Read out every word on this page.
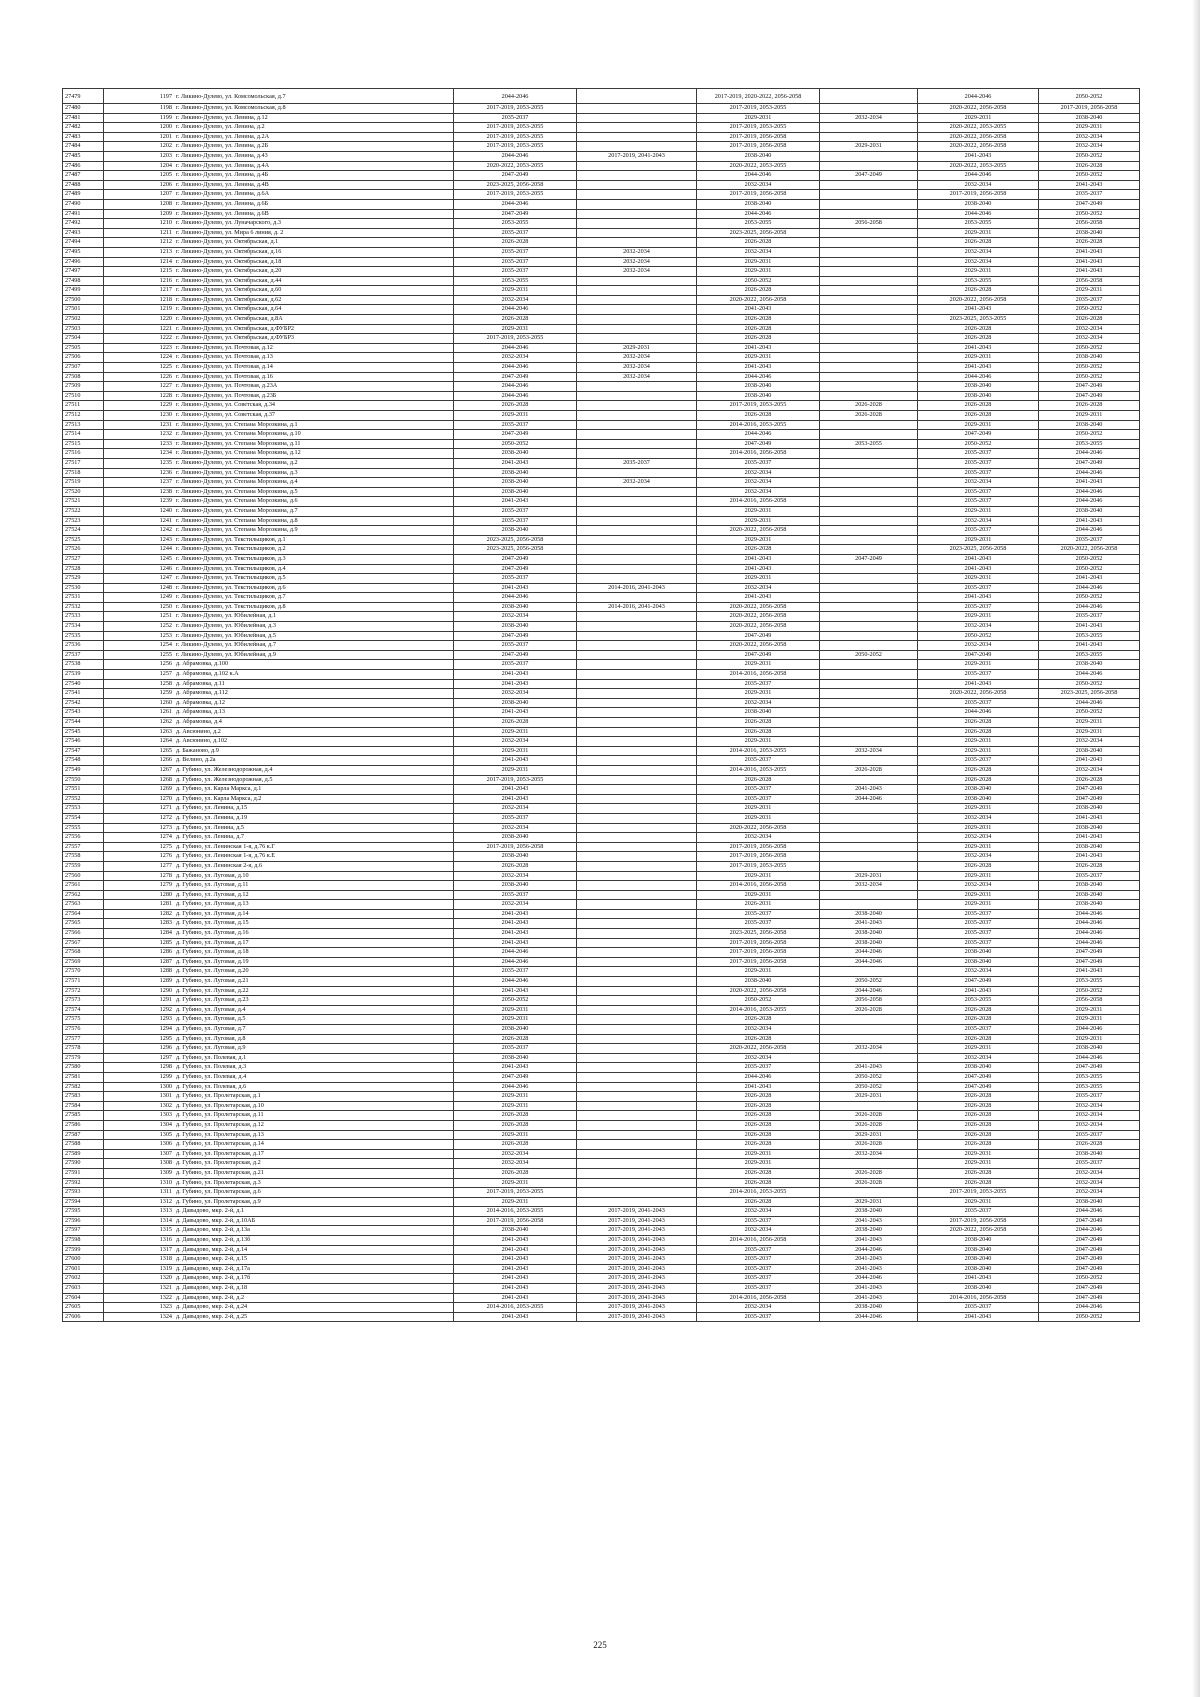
27479	1197	г. Ликино-Дулево, ул. Комсомольская, д.7	2044-2046		2017-2019, 2020-2022, 2056-2058		2044-2046	2050-2052
27480	1198	г. Ликино-Дулево, ул. Комсомольская, д.8	2017-2019, 2053-2055		2017-2019, 2053-2055		2020-2022, 2056-2058	2017-2019, 2056-2058
27481	1199	г. Ликино-Дулево, ул. Ленина, д.12	2035-2037		2029-2031	2032-2034	2029-2031	2038-2040
27482	1200	г. Ликино-Дулево, ул. Ленина, д.2	2017-2019, 2053-2055		2017-2019, 2053-2055		2020-2022, 2053-2055	2029-2031
27483	1201	г. Ликино-Дулево, ул. Ленина, д.2А	2017-2019, 2053-2055		2017-2019, 2056-2058		2020-2022, 2056-2058	2032-2034
27484	1202	г. Ликино-Дулево, ул. Ленина, д.2Б	2017-2019, 2053-2055		2017-2019, 2056-2058	2029-2031	2020-2022, 2056-2058	2032-2034
27485	1203	г. Ликино-Дулево, ул. Ленина, д.43	2044-2046	2017-2019, 2041-2043	2038-2040		2041-2043	2050-2052
27486	1204	г. Ликино-Дулево, ул. Ленина, д.4А	2020-2022, 2053-2055		2020-2022, 2053-2055		2020-2022, 2053-2055	2026-2028
27487	1205	г. Ликино-Дулево, ул. Ленина, д.4Б	2047-2049		2044-2046	2047-2049	2044-2046	2050-2052
27488	1206	г. Ликино-Дулево, ул. Ленина, д.4В	2023-2025, 2056-2058		2032-2034		2032-2034	2041-2043
27489	1207	г. Ликино-Дулево, ул. Ленина, д.6А	2017-2019, 2053-2055		2017-2019, 2056-2058		2017-2019, 2056-2058	2035-2037
27490	1208	г. Ликино-Дулево, ул. Ленина, д.6Б	2044-2046		2038-2040		2038-2040	2047-2049
27491	1209	г. Ликино-Дулево, ул. Ленина, д.6В	2047-2049		2044-2046		2044-2046	2050-2052
27492	1210	г. Ликино-Дулево, ул. Луначарского, д.3	2053-2055		2053-2055	2056-2058	2053-2055	2056-2058
27493	1211	г. Ликино-Дулево, ул. Мира 6 линия, д. 2	2035-2037		2023-2025, 2056-2058		2029-2031	2038-2040
27494	1212	г. Ликино-Дулево, ул. Октябрьская, д.1	2026-2028		2026-2028		2026-2028	2026-2028
27495	1213	г. Ликино-Дулево, ул. Октябрьская, д.16	2035-2037	2032-2034	2032-2034		2032-2034	2041-2043
27496	1214	г. Ликино-Дулево, ул. Октябрьская, д.18	2035-2037	2032-2034	2029-2031		2032-2034	2041-2043
27497	1215	г. Ликино-Дулево, ул. Октябрьская, д.20	2035-2037	2032-2034	2029-2031		2029-2031	2041-2043
27498	1216	г. Ликино-Дулево, ул. Октябрьская, д.44	2053-2055		2050-2052		2053-2055	2056-2058
27499	1217	г. Ликино-Дулево, ул. Октябрьская, д.60	2029-2031		2026-2028		2026-2028	2029-2031
27500	1218	г. Ликино-Дулево, ул. Октябрьская, д.62	2032-2034		2020-2022, 2056-2058		2020-2022, 2056-2058	2035-2037
27501	1219	г. Ликино-Дулево, ул. Октябрьская, д.64	2044-2046		2041-2043		2041-2043	2050-2052
27502	1220	г. Ликино-Дулево, ул. Октябрьская, д.8А	2026-2028		2026-2028		2023-2025, 2053-2055	2026-2028
27503	1221	г. Ликино-Дулево, ул. Октябрьская, д.ФУБР2	2029-2031		2026-2028		2026-2028	2032-2034
27504	1222	г. Ликино-Дулево, ул. Октябрьская, д.ФУБР3	2017-2019, 2053-2055		2026-2028		2026-2028	2032-2034
27505	1223	г. Ликино-Дулево, ул. Почтовая, д.12	2044-2046	2029-2031	2041-2043		2041-2043	2050-2052
27506	1224	г. Ликино-Дулево, ул. Почтовая, д.13	2032-2034	2032-2034	2029-2031		2029-2031	2038-2040
27507	1225	г. Ликино-Дулево, ул. Почтовая, д.14	2044-2046	2032-2034	2041-2043		2041-2043	2050-2052
27508	1226	г. Ликино-Дулево, ул. Почтовая, д.16	2047-2049	2032-2034	2044-2046		2044-2046	2050-2052
27509	1227	г. Ликино-Дулево, ул. Почтовая, д.23А	2044-2046		2038-2040		2038-2040	2047-2049
27510	1228	г. Ликино-Дулево, ул. Почтовая, д.23Б	2044-2046		2038-2040		2038-2040	2047-2049
27511	1229	г. Ликино-Дулево, ул. Советская, д.34	2026-2028		2017-2019, 2053-2055	2026-2028	2026-2028	2026-2028
27512	1230	г. Ликино-Дулево, ул. Советская, д.37	2029-2031		2026-2028	2026-2028	2026-2028	2029-2031
27513	1231	г. Ликино-Дулево, ул. Степана Морозкина, д.1	2035-2037		2014-2016, 2053-2055		2029-2031	2038-2040
27514	1232	г. Ликино-Дулево, ул. Степана Морозкина, д.10	2047-2049		2044-2046		2047-2049	2050-2052
27515	1233	г. Ликино-Дулево, ул. Степана Морозкина, д.11	2050-2052		2047-2049	2053-2055	2050-2052	2053-2055
27516	1234	г. Ликино-Дулево, ул. Степана Морозкина, д.12	2038-2040		2014-2016, 2056-2058		2035-2037	2044-2046
27517	1235	г. Ликино-Дулево, ул. Степана Морозкина, д.2	2041-2043	2035-2037	2035-2037		2035-2037	2047-2049
27518	1236	г. Ликино-Дулево, ул. Степана Морозкина, д.3	2038-2040		2032-2034		2035-2037	2044-2046
27519	1237	г. Ликино-Дулево, ул. Степана Морозкина, д.4	2038-2040	2032-2034	2032-2034		2032-2034	2041-2043
27520	1238	г. Ликино-Дулево, ул. Степана Морозкина, д.5	2038-2040		2032-2034		2035-2037	2044-2046
27521	1239	г. Ликино-Дулево, ул. Степана Морозкина, д.6	2041-2043		2014-2016, 2056-2058		2035-2037	2044-2046
27522	1240	г. Ликино-Дулево, ул. Степана Морозкина, д.7	2035-2037		2029-2031		2029-2031	2038-2040
27523	1241	г. Ликино-Дулево, ул. Степана Морозкина, д.8	2035-2037		2029-2031		2032-2034	2041-2043
27524	1242	г. Ликино-Дулево, ул. Степана Морозкина, д.9	2038-2040		2020-2022, 2056-2058		2035-2037	2044-2046
27525	1243	г. Ликино-Дулево, ул. Текстильщиков, д.1	2023-2025, 2056-2058		2029-2031		2029-2031	2035-2037
27526	1244	г. Ликино-Дулево, ул. Текстильщиков, д.2	2023-2025, 2056-2058		2026-2028		2023-2025, 2056-2058	2020-2022, 2056-2058
27527	1245	г. Ликино-Дулево, ул. Текстильщиков, д.3	2047-2049		2041-2043	2047-2049	2041-2043	2050-2052
27528	1246	г. Ликино-Дулево, ул. Текстильщиков, д.4	2047-2049		2041-2043		2041-2043	2050-2052
27529	1247	г. Ликино-Дулево, ул. Текстильщиков, д.5	2035-2037		2029-2031		2029-2031	2041-2043
27530	1248	г. Ликино-Дулево, ул. Текстильщиков, д.6	2041-2043	2014-2016, 2041-2043	2032-2034		2035-2037	2044-2046
27531	1249	г. Ликино-Дулево, ул. Текстильщиков, д.7	2044-2046		2041-2043		2041-2043	2050-2052
27532	1250	г. Ликино-Дулево, ул. Текстильщиков, д.8	2038-2040	2014-2016, 2041-2043	2020-2022, 2056-2058		2035-2037	2044-2046
27533	1251	г. Ликино-Дулево, ул. Юбилейная, д.1	2032-2034		2020-2022, 2056-2058		2029-2031	2035-2037
27534	1252	г. Ликино-Дулево, ул. Юбилейная, д.3	2038-2040		2020-2022, 2056-2058		2032-2034	2041-2043
27535	1253	г. Ликино-Дулево, ул. Юбилейная, д.5	2047-2049		2047-2049		2050-2052	2053-2055
27536	1254	г. Ликино-Дулево, ул. Юбилейная, д.7	2035-2037		2020-2022, 2056-2058		2032-2034	2041-2043
27537	1255	г. Ликино-Дулево, ул. Юбилейная, д.9	2047-2049		2047-2049	2050-2052	2047-2049	2053-2055
27538	1256	д. Абрамовка, д.100	2035-2037		2029-2031		2029-2031	2038-2040
27539	1257	д. Абрамовка, д.102 к.А	2041-2043		2014-2016, 2056-2058		2035-2037	2044-2046
27540	1258	д. Абрамовка, д.11	2041-2043		2035-2037		2041-2043	2050-2052
27541	1259	д. Абрамовка, д.112	2032-2034		2029-2031		2020-2022, 2056-2058	2023-2025, 2056-2058
27542	1260	д. Абрамовка, д.12	2038-2040		2032-2034		2035-2037	2044-2046
27543	1261	д. Абрамовка, д.13	2041-2043		2038-2040		2044-2046	2050-2052
27544	1262	д. Абрамовка, д.4	2026-2028		2026-2028		2026-2028	2029-2031
27545	1263	д. Авсюнино, д.2	2029-2031		2026-2028		2026-2028	2029-2031
27546	1264	д. Авсюнино, д.102	2032-2034		2029-2031		2029-2031	2032-2034
27547	1265	д. Бажаново, д.9	2029-2031		2014-2016, 2053-2055	2032-2034	2029-2031	2038-2040
27548	1266	д. Велино, д.2а	2041-2043		2035-2037		2035-2037	2041-2043
27549	1267	д. Губино, ул. Железнодорожная, д.4	2029-2031		2014-2016, 2053-2055	2026-2028	2026-2028	2032-2034
27550	1268	д. Губино, ул. Железнодорожная, д.5	2017-2019, 2053-2055		2026-2028		2026-2028	2026-2028
27551	1269	д. Губино, ул. Карла Маркса, д.1	2041-2043		2035-2037	2041-2043	2038-2040	2047-2049
27552	1270	д. Губино, ул. Карла Маркса, д.2	2041-2043		2035-2037	2044-2046	2038-2040	2047-2049
27553	1271	д. Губино, ул. Ленина, д.15	2032-2034		2029-2031		2029-2031	2038-2040
27554	1272	д. Губино, ул. Ленина, д.19	2035-2037		2029-2031		2032-2034	2041-2043
27555	1273	д. Губино, ул. Ленина, д.5	2032-2034		2020-2022, 2056-2058		2029-2031	2038-2040
27556	1274	д. Губино, ул. Ленина, д.7	2038-2040		2032-2034		2032-2034	2041-2043
27557	1275	д. Губино, ул. Ленинская 1-я, д.76 к.Г	2017-2019, 2056-2058		2017-2019, 2056-2058		2029-2031	2038-2040
27558	1276	д. Губино, ул. Ленинская 1-я, д.76 к.Е	2038-2040		2017-2019, 2056-2058		2032-2034	2041-2043
27559	1277	д. Губино, ул. Ленинская 2-я, д.6	2026-2028		2017-2019, 2053-2055		2026-2028	2026-2028
27560	1278	д. Губино, ул. Луговая, д.10	2032-2034		2029-2031	2029-2031	2029-2031	2035-2037
27561	1279	д. Губино, ул. Луговая, д.11	2038-2040		2014-2016, 2056-2058	2032-2034	2032-2034	2038-2040
27562	1280	д. Губино, ул. Луговая, д.12	2035-2037		2029-2031		2029-2031	2038-2040
27563	1281	д. Губино, ул. Луговая, д.13	2032-2034		2026-2031		2029-2031	2038-2040
27564	1282	д. Губино, ул. Луговая, д.14	2041-2043		2035-2037	2038-2040	2035-2037	2044-2046
27565	1283	д. Губино, ул. Луговая, д.15	2041-2043		2035-2037	2041-2043	2035-2037	2044-2046
27566	1284	д. Губино, ул. Луговая, д.16	2041-2043		2023-2025, 2056-2058	2038-2040	2035-2037	2044-2046
27567	1285	д. Губино, ул. Луговая, д.17	2041-2043		2017-2019, 2056-2058	2038-2040	2035-2037	2044-2046
27568	1286	д. Губино, ул. Луговая, д.18	2044-2046		2017-2019, 2056-2058	2044-2046	2038-2040	2047-2049
27569	1287	д. Губино, ул. Луговая, д.19	2044-2046		2017-2019, 2056-2058	2044-2046	2038-2040	2047-2049
27570	1288	д. Губино, ул. Луговая, д.20	2035-2037		2029-2031		2032-2034	2041-2043
27571	1289	д. Губино, ул. Луговая, д.21	2044-2046		2038-2040	2050-2052	2047-2049	2053-2055
27572	1290	д. Губино, ул. Луговая, д.22	2041-2043		2020-2022, 2056-2058	2044-2046	2041-2043	2050-2052
27573	1291	д. Губино, ул. Луговая, д.23	2050-2052		2050-2052	2056-2058	2053-2055	2056-2058
27574	1292	д. Губино, ул. Луговая, д.4	2029-2031		2014-2016, 2053-2055	2026-2028	2026-2028	2029-2031
27575	1293	д. Губино, ул. Луговая, д.5	2029-2031		2026-2028		2026-2028	2029-2031
27576	1294	д. Губино, ул. Луговая, д.7	2038-2040		2032-2034		2035-2037	2044-2046
27577	1295	д. Губино, ул. Луговая, д.8	2026-2028		2026-2028		2026-2028	2029-2031
27578	1296	д. Губино, ул. Луговая, д.9	2035-2037		2020-2022, 2056-2058	2032-2034	2029-2031	2038-2040
27579	1297	д. Губино, ул. Полевая, д.1	2038-2040		2032-2034		2032-2034	2044-2046
27580	1298	д. Губино, ул. Полевая, д.3	2041-2043		2035-2037	2041-2043	2038-2040	2047-2049
27581	1299	д. Губино, ул. Полевая, д.4	2047-2049		2044-2046	2050-2052	2047-2049	2053-2055
27582	1300	д. Губино, ул. Полевая, д.6	2044-2046		2041-2043	2050-2052	2047-2049	2053-2055
27583	1301	д. Губино, ул. Пролетарская, д.1	2029-2031		2026-2028	2029-2031	2026-2028	2035-2037
27584	1302	д. Губино, ул. Пролетарская, д.10	2029-2031		2026-2028		2026-2028	2032-2034
27585	1303	д. Губино, ул. Пролетарская, д.11	2026-2028		2026-2028	2026-2028	2026-2028	2032-2034
27586	1304	д. Губино, ул. Пролетарская, д.12	2026-2028		2026-2028	2026-2028	2026-2028	2032-2034
27587	1305	д. Губино, ул. Пролетарская, д.13	2029-2031		2026-2028	2029-2031	2026-2028	2035-2037
27588	1306	д. Губино, ул. Пролетарская, д.14	2026-2028		2026-2028	2026-2028	2026-2028	2026-2028
27589	1307	д. Губино, ул. Пролетарская, д.17	2032-2034		2029-2031	2032-2034	2029-2031	2038-2040
27590	1308	д. Губино, ул. Пролетарская, д.2	2032-2034		2029-2031		2029-2031	2035-2037
27591	1309	д. Губино, ул. Пролетарская, д.21	2026-2028		2026-2028	2026-2028	2026-2028	2032-2034
27592	1310	д. Губино, ул. Пролетарская, д.3	2029-2031		2026-2028	2026-2028	2026-2028	2032-2034
27593	1311	д. Губино, ул. Пролетарская, д.6	2017-2019, 2053-2055		2014-2016, 2053-2055		2017-2019, 2053-2055	2032-2034
27594	1312	д. Губино, ул. Пролетарская, д.9	2029-2031		2026-2028	2029-2031	2029-2031	2038-2040
27595	1313	д. Давыдово, мкр. 2-й, д.1	2014-2016, 2053-2055	2017-2019, 2041-2043	2032-2034	2038-2040	2035-2037	2044-2046
27596	1314	д. Давыдово, мкр. 2-й, д.10АБ	2017-2019, 2056-2058	2017-2019, 2041-2043	2035-2037	2041-2043	2017-2019, 2056-2058	2047-2049
27597	1315	д. Давыдово, мкр. 2-й, д.13а	2038-2040	2017-2019, 2041-2043	2032-2034	2038-2040	2020-2022, 2056-2058	2044-2046
27598	1316	д. Давыдово, мкр. 2-й, д.13б	2041-2043	2017-2019, 2041-2043	2014-2016, 2056-2058	2041-2043	2038-2040	2047-2049
27599	1317	д. Давыдово, мкр. 2-й, д.14	2041-2043	2017-2019, 2041-2043	2035-2037	2044-2046	2038-2040	2047-2049
27600	1318	д. Давыдово, мкр. 2-й, д.15	2041-2043	2017-2019, 2041-2043	2035-2037	2041-2043	2038-2040	2047-2049
27601	1319	д. Давыдово, мкр. 2-й, д.17а	2041-2043	2017-2019, 2041-2043	2035-2037	2041-2043	2038-2040	2047-2049
27602	1320	д. Давыдово, мкр. 2-й, д.17б	2041-2043	2017-2019, 2041-2043	2035-2037	2044-2046	2041-2043	2050-2052
27603	1321	д. Давыдово, мкр. 2-й, д.18	2041-2043	2017-2019, 2041-2043	2035-2037	2041-2043	2038-2040	2047-2049
27604	1322	д. Давыдово, мкр. 2-й, д.2	2041-2043	2017-2019, 2041-2043	2014-2016, 2056-2058	2041-2043	2014-2016, 2056-2058	2047-2049
27605	1323	д. Давыдово, мкр. 2-й, д.24	2014-2016, 2053-2055	2017-2019, 2041-2043	2032-2034	2038-2040	2035-2037	2044-2046
27606	1324	д. Давыдово, мкр. 2-й, д.25	2041-2043	2017-2019, 2041-2043	2035-2037	2044-2046	2041-2043	2050-2052
225
